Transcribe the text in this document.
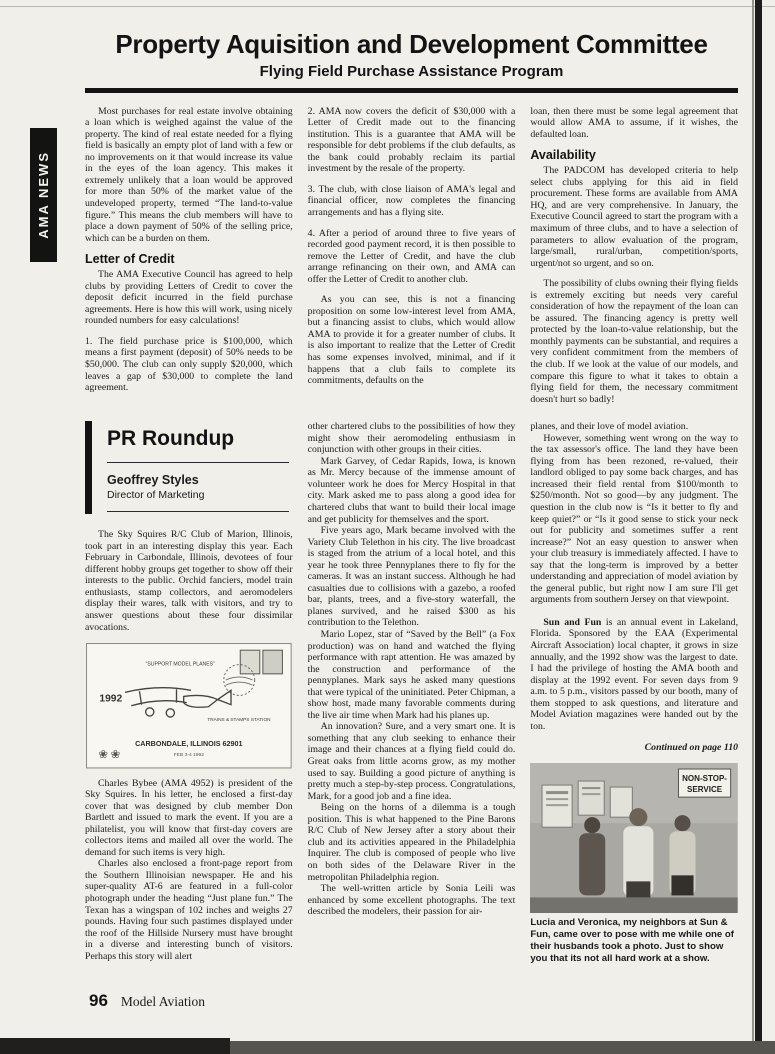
AMA NEWS
Property Aquisition and Development Committee
Flying Field Purchase Assistance Program

Most purchases for real estate involve obtaining a loan which is weighed against the value of the property. The kind of real estate needed for a flying field is basically an empty plot of land with a few or no improvements on it that would increase its value in the eyes of the loan agency. This makes it extremely unlikely that a loan would be approved for more than 50% of the market value of the undeveloped property, termed “The land-to-value figure.” This means the club members will have to place a down payment of 50% of the selling price, which can be a burden on them.

Letter of Credit

The AMA Executive Council has agreed to help clubs by providing Letters of Credit to cover the deposit deficit incurred in the field purchase agreements. Here is how this will work, using nicely rounded numbers for easy calculations!

1. The field purchase price is $100,000, which means a first payment (deposit) of 50% needs to be $50,000. The club can only supply $20,000, which leaves a gap of $30,000 to complete the land agreement.

2. AMA now covers the deficit of $30,000 with a Letter of Credit made out to the financing institution. This is a guarantee that AMA will be responsible for debt problems if the club defaults, as the bank could probably reclaim its partial investment by the resale of the property.

3. The club, with close liaison of AMA's legal and financial officer, now completes the financing arrangements and has a flying site.

4. After a period of around three to five years of recorded good payment record, it is then possible to remove the Letter of Credit, and have the club arrange refinancing on their own, and AMA can offer the Letter of Credit to another club.

As you can see, this is not a financing proposition on some low-interest level from AMA, but a financing assist to clubs, which would allow AMA to provide it for a greater number of clubs. It is also important to realize that the Letter of Credit has some expenses involved, minimal, and if it happens that a club fails to complete its commitments, defaults on the

loan, then there must be some legal agreement that would allow AMA to assume, if it wishes, the defaulted loan.

Availability

The PADCOM has developed criteria to help select clubs applying for this aid in field procurement. These forms are available from AMA HQ, and are very comprehensive. In January, the Executive Council agreed to start the program with a maximum of three clubs, and to have a selection of parameters to allow evaluation of the program, large/small, rural/urban, competition/sports, urgent/not so urgent, and so on.

The possibility of clubs owning their flying fields is extremely exciting but needs very careful consideration of how the repayment of the loan can be assured. The financing agency is pretty well protected by the loan-to-value relationship, but the monthly payments can be substantial, and requires a very confident commitment from the members of the club. If we look at the value of our models, and compare this figure to what it takes to obtain a flying field for them, the necessary commitment doesn't hurt so badly!

PR Roundup
Geoffrey Styles
Director of Marketing

The Sky Squires R/C Club of Marion, Illinois, took part in an interesting display this year. Each February in Carbondale, Illinois, devotees of four different hobby groups get together to show off their interests to the public. Orchid fanciers, model train enthusiasts, stamp collectors, and aeromodelers display their wares, talk with visitors, and try to answer questions about these four dissimilar avocations.

1992
“SUPPORT MODEL PLANES”
TRAINS & STAMPS STATION
CARBONDALE, ILLINOIS 62901
FEB 3-4 1992
❀ ❀

Charles Bybee (AMA 4952) is president of the Sky Squires. In his letter, he enclosed a first-day cover that was designed by club member Don Bartlett and issued to mark the event. If you are a philatelist, you will know that first-day covers are collectors items and mailed all over the world. The demand for such items is very high.

Charles also enclosed a front-page report from the Southern Illinoisian newspaper. He and his super-quality AT-6 are featured in a full-color photograph under the heading “Just plane fun.” The Texan has a wingspan of 102 inches and weighs 27 pounds. Having four such pastimes displayed under the roof of the Hillside Nursery must have brought in a diverse and interesting bunch of visitors. Perhaps this story will alert

other chartered clubs to the possibilities of how they might show their aeromodeling enthusiasm in conjunction with other groups in their cities.

Mark Garvey, of Cedar Rapids, Iowa, is known as Mr. Mercy because of the immense amount of volunteer work he does for Mercy Hospital in that city. Mark asked me to pass along a good idea for chartered clubs that want to build their local image and get publicity for themselves and the sport.

Five years ago, Mark became involved with the Variety Club Telethon in his city. The live broadcast is staged from the atrium of a local hotel, and this year he took three Pennyplanes there to fly for the cameras. It was an instant success. Although he had casualties due to collisions with a gazebo, a roofed bar, plants, trees, and a five-story waterfall, the planes survived, and he raised $300 as his contribution to the Telethon.

Mario Lopez, star of “Saved by the Bell” (a Fox production) was on hand and watched the flying performance with rapt attention. He was amazed by the construction and performance of the pennyplanes. Mark says he asked many questions that were typical of the uninitiated. Peter Chipman, a show host, made many favorable comments during the live air time when Mark had his planes up.

An innovation? Sure, and a very smart one. It is something that any club seeking to enhance their image and their chances at a flying field could do. Great oaks from little acorns grow, as my mother used to say. Building a good picture of anything is pretty much a step-by-step process. Congratulations, Mark, for a good job and a fine idea.

Being on the horns of a dilemma is a tough position. This is what happened to the Pine Barons R/C Club of New Jersey after a story about their club and its activities appeared in the Philadelphia Inquirer. The club is composed of people who live on both sides of the Delaware River in the metropolitan Philadelphia region.

The well-written article by Sonia Leili was enhanced by some excellent photographs. The text described the modelers, their passion for air-

planes, and their love of model aviation.

However, something went wrong on the way to the tax assessor's office. The land they have been flying from has been rezoned, re-valued, their landlord obliged to pay some back charges, and has increased their field rental from $100/month to $250/month. Not so good—by any judgment. The question in the club now is “Is it better to fly and keep quiet?” or “Is it good sense to stick your neck out for publicity and sometimes suffer a rent increase?” Not an easy question to answer when your club treasury is immediately affected. I have to say that the long-term is improved by a better understanding and appreciation of model aviation by the general public, but right now I am sure I'll get arguments from southern Jersey on that viewpoint.

Sun and Fun is an annual event in Lakeland, Florida. Sponsored by the EAA (Experimental Aircraft Association) local chapter, it grows in size annually, and the 1992 show was the largest to date. I had the privilege of hosting the AMA booth and display at the 1992 event. For seven days from 9 a.m. to 5 p.m., visitors passed by our booth, many of them stopped to ask questions, and literature and Model Aviation magazines were handed out by the ton.

Continued on page 110

NON-STOP-
SERVICE
Lucia and Veronica, my neighbors at Sun & Fun, came over to pose with me while one of their husbands took a photo. Just to show you that its not all hard work at a show.
96 Model Aviation
